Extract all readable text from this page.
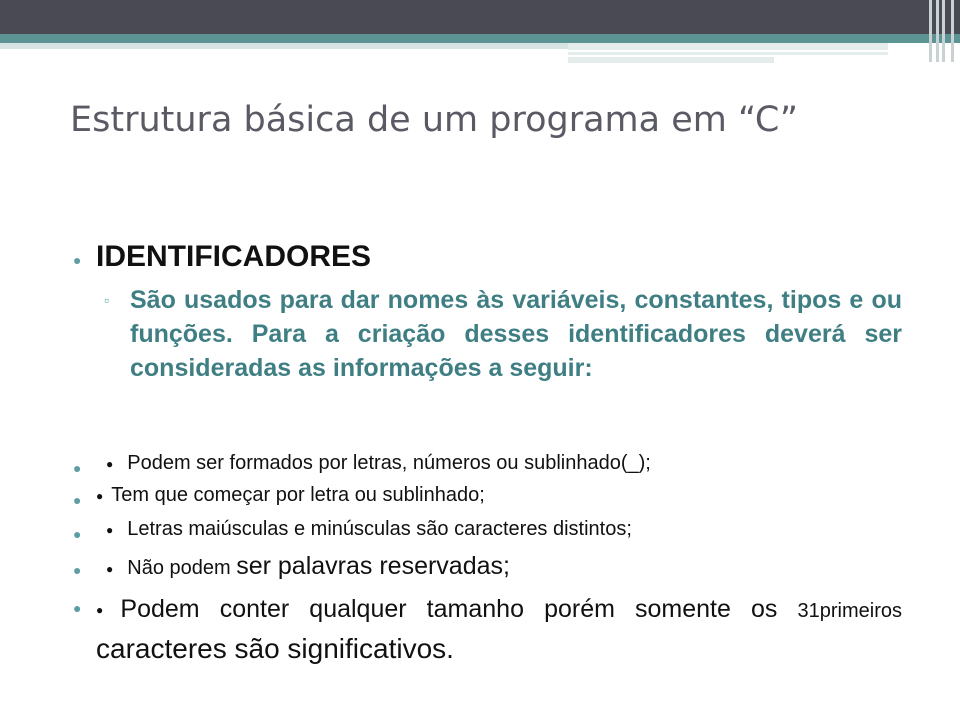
Estrutura básica de um programa em “C”
● IDENTIFICADORES
▫ São usados para dar nomes às variáveis, constantes, tipos e ou funções. Para a criação desses identificadores deverá ser consideradas as informações a seguir:
● ● Podem ser formados por letras, números ou sublinhado(_);
● ● Tem que começar por letra ou sublinhado;
● ● Letras maiúsculas e minúsculas são caracteres distintos;
● ● Não podem ser palavras reservadas;
● ● Podem conter qualquer tamanho porém somente os 31primeiros caracteres são significativos.
